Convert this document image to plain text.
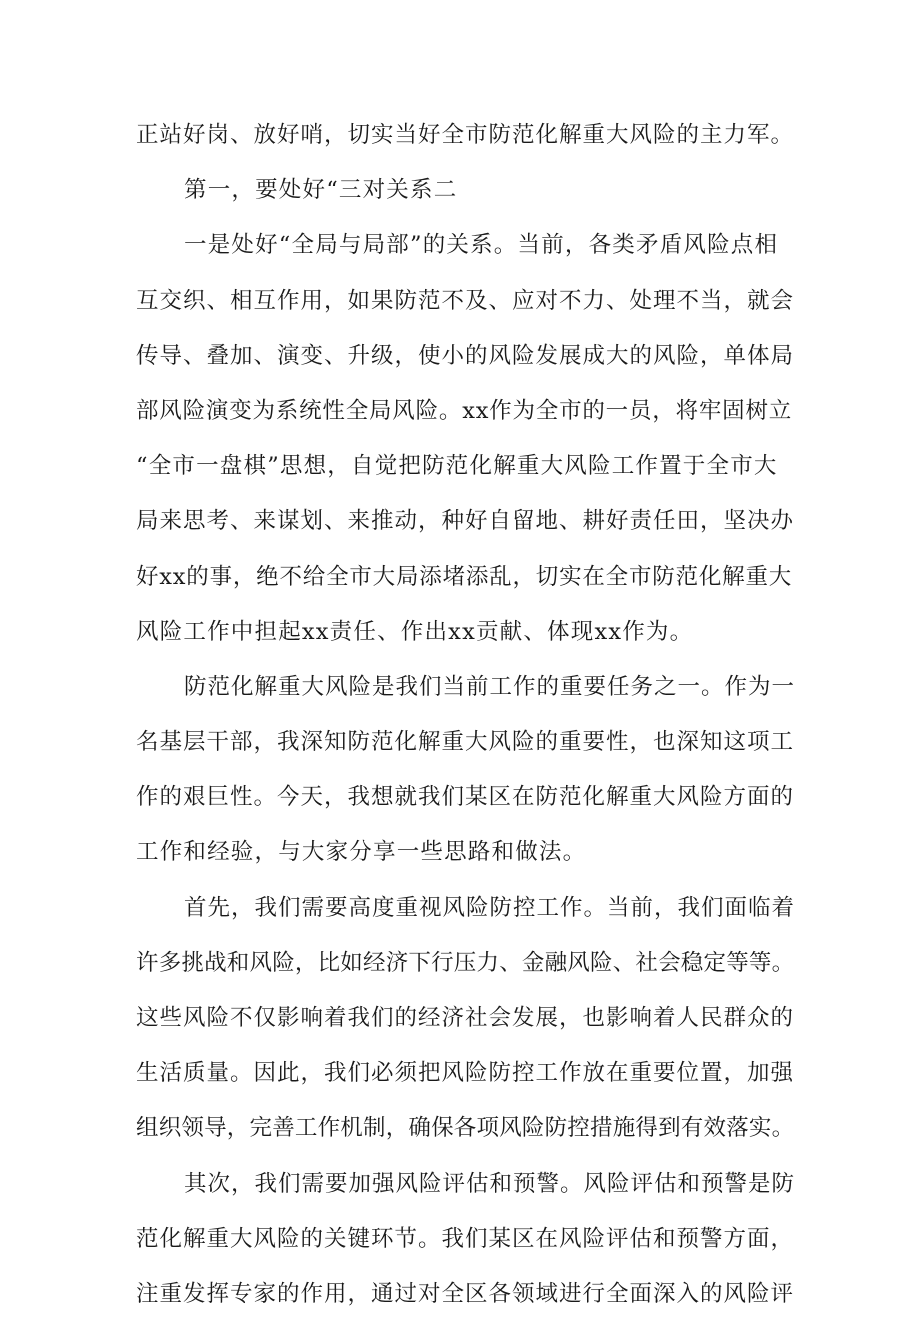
正站好岗、放好哨，切实当好全市防范化解重大风险的主力军。
第一，要处好“三对关系二
一是处好“全局与局部”的关系。当前，各类矛盾风险点相
互交织、相互作用，如果防范不及、应对不力、处理不当，就会
传导、叠加、演变、升级，使小的风险发展成大的风险，单体局
部风险演变为系统性全局风险。xx作为全市的一员，将牢固树立
“全市一盘棋”思想，自觉把防范化解重大风险工作置于全市大
局来思考、来谋划、来推动，种好自留地、耕好责任田，坚决办
好xx的事，绝不给全市大局添堵添乱，切实在全市防范化解重大
风险工作中担起xx责任、作出xx贡献、体现xx作为。
防范化解重大风险是我们当前工作的重要任务之一。作为一
名基层干部，我深知防范化解重大风险的重要性，也深知这项工
作的艰巨性。今天，我想就我们某区在防范化解重大风险方面的
工作和经验，与大家分享一些思路和做法。
首先，我们需要高度重视风险防控工作。当前，我们面临着
许多挑战和风险，比如经济下行压力、金融风险、社会稳定等等。
这些风险不仅影响着我们的经济社会发展，也影响着人民群众的
生活质量。因此，我们必须把风险防控工作放在重要位置，加强
组织领导，完善工作机制，确保各项风险防控措施得到有效落实。
其次，我们需要加强风险评估和预警。风险评估和预警是防
范化解重大风险的关键环节。我们某区在风险评估和预警方面，
注重发挥专家的作用，通过对全区各领域进行全面深入的风险评
